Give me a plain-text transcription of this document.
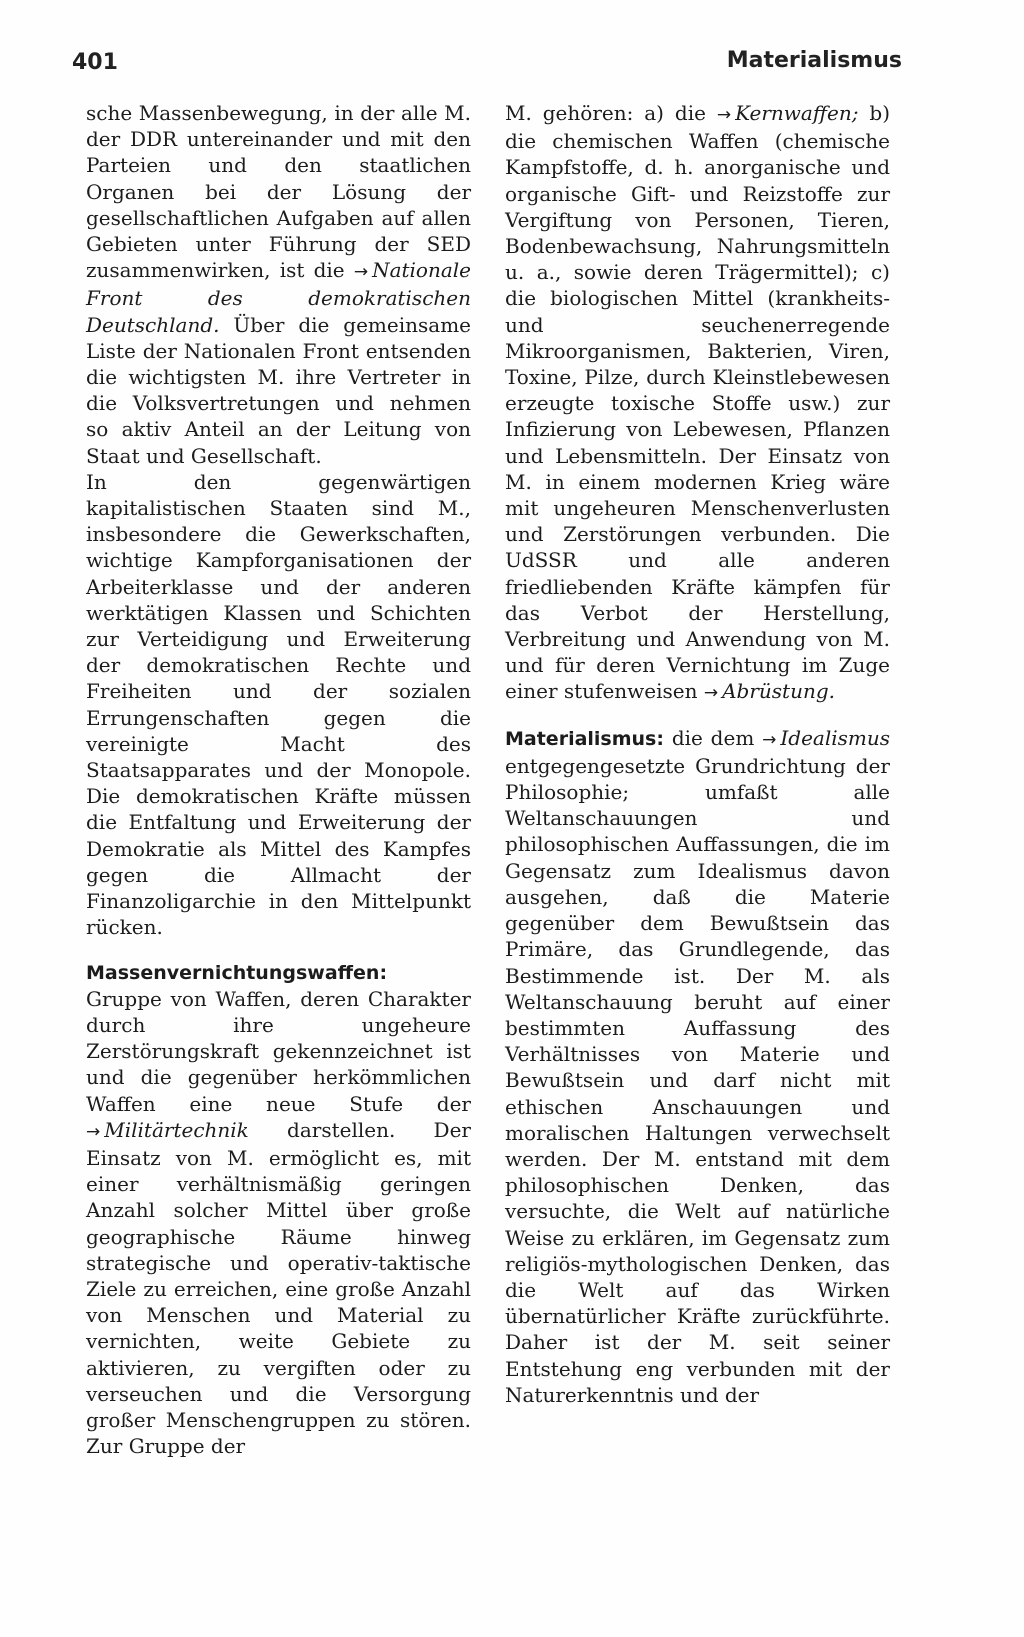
401	Materialismus

sche Massenbewegung, in der alle M. der DDR untereinander und mit den Parteien und den staatlichen Organen bei der Lösung der gesellschaftlichen Aufgaben auf allen Gebieten unter Führung der SED zusammenwirken, ist die → Nationale Front des demokratischen Deutschland. Über die gemeinsame Liste der Nationalen Front entsenden die wichtigsten M. ihre Vertreter in die Volksvertretungen und nehmen so aktiv Anteil an der Leitung von Staat und Gesellschaft.

In den gegenwärtigen kapitalistischen Staaten sind M., insbesondere die Gewerkschaften, wichtige Kampforganisationen der Arbeiterklasse und der anderen werktätigen Klassen und Schichten zur Verteidigung und Erweiterung der demokratischen Rechte und Freiheiten und der sozialen Errungenschaften gegen die vereinigte Macht des Staatsapparates und der Monopole. Die demokratischen Kräfte müssen die Entfaltung und Erweiterung der Demokratie als Mittel des Kampfes gegen die Allmacht der Finanzoligarchie in den Mittelpunkt rücken.

Massenvernichtungswaffen:
Gruppe von Waffen, deren Charakter durch ihre ungeheure Zerstörungskraft gekennzeichnet ist und die gegenüber herkömmlichen Waffen eine neue Stufe der → Militärtechnik darstellen. Der Einsatz von M. ermöglicht es, mit einer verhältnismäßig geringen Anzahl solcher Mittel über große geographische Räume hinweg strategische und operativ-taktische Ziele zu erreichen, eine große Anzahl von Menschen und Material zu vernichten, weite Gebiete zu aktivieren, zu vergiften oder zu verseuchen und die Versorgung großer Menschengruppen zu stören. Zur Gruppe der

M. gehören: a) die → Kernwaffen; b) die chemischen Waffen (chemische Kampfstoffe, d. h. anorganische und organische Gift- und Reizstoffe zur Vergiftung von Personen, Tieren, Bodenbewachsung, Nahrungsmitteln u. a., sowie deren Trägermittel); c) die biologischen Mittel (krankheits- und seuchenerregende Mikroorganismen, Bakterien, Viren, Toxine, Pilze, durch Kleinstlebewesen erzeugte toxische Stoffe usw.) zur Infizierung von Lebewesen, Pflanzen und Lebensmitteln. Der Einsatz von M. in einem modernen Krieg wäre mit ungeheuren Menschenverlusten und Zerstörungen verbunden. Die UdSSR und alle anderen friedliebenden Kräfte kämpfen für das Verbot der Herstellung, Verbreitung und Anwendung von M. und für deren Vernichtung im Zuge einer stufenweisen → Abrüstung.

Materialismus: die dem → Idealismus entgegengesetzte Grundrichtung der Philosophie; umfaßt alle Weltanschauungen und philosophischen Auffassungen, die im Gegensatz zum Idealismus davon ausgehen, daß die Materie gegenüber dem Bewußtsein das Primäre, das Grundlegende, das Bestimmende ist. Der M. als Weltanschauung beruht auf einer bestimmten Auffassung des Verhältnisses von Materie und Bewußtsein und darf nicht mit ethischen Anschauungen und moralischen Haltungen verwechselt werden. Der M. entstand mit dem philosophischen Denken, das versuchte, die Welt auf natürliche Weise zu erklären, im Gegensatz zum religiös-mythologischen Denken, das die Welt auf das Wirken übernatürlicher Kräfte zurückführte. Daher ist der M. seit seiner Entstehung eng verbunden mit der Naturerkenntnis und der
